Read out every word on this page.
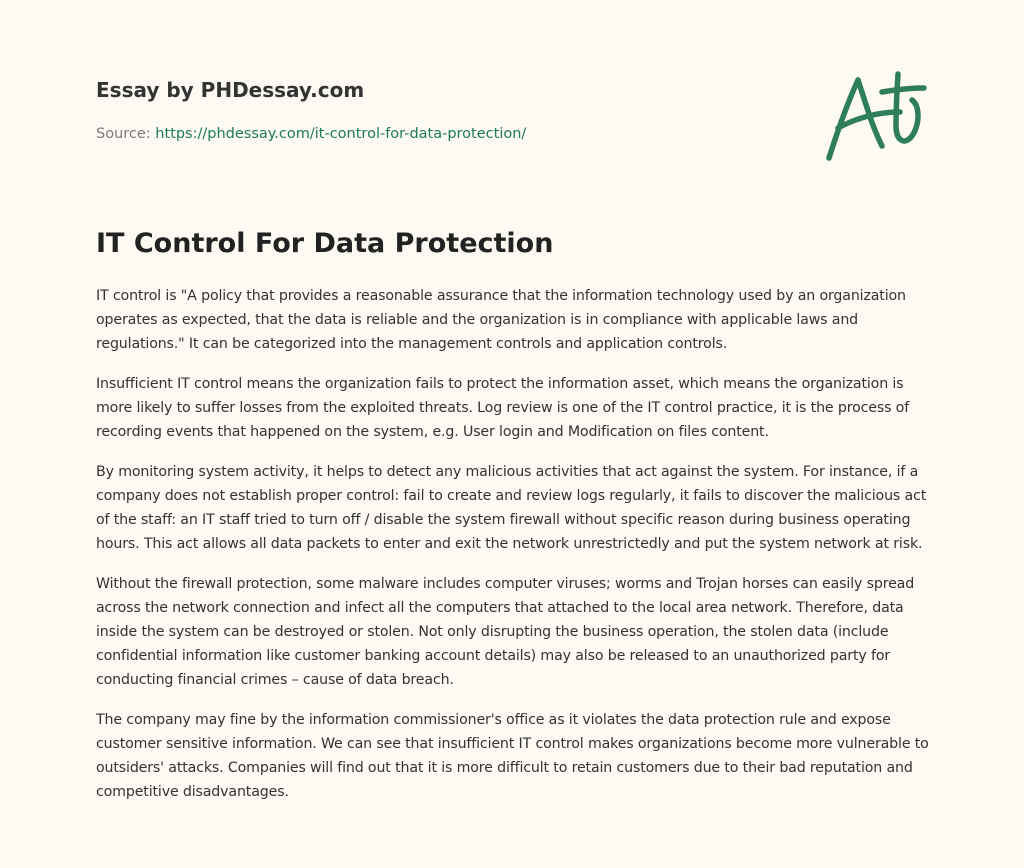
Essay by PHDessay.com
Source: https://phdessay.com/it-control-for-data-protection/
IT Control For Data Protection

IT control is "A policy that provides a reasonable assurance that the information technology used by an organization operates as expected, that the data is reliable and the organization is in compliance with applicable laws and regulations." It can be categorized into the management controls and application controls.

Insufficient IT control means the organization fails to protect the information asset, which means the organization is more likely to suffer losses from the exploited threats. Log review is one of the IT control practice, it is the process of recording events that happened on the system, e.g. User login and Modification on files content.

By monitoring system activity, it helps to detect any malicious activities that act against the system. For instance, if a company does not establish proper control: fail to create and review logs regularly, it fails to discover the malicious act of the staff: an IT staff tried to turn off / disable the system firewall without specific reason during business operating hours. This act allows all data packets to enter and exit the network unrestrictedly and put the system network at risk.

Without the firewall protection, some malware includes computer viruses; worms and Trojan horses can easily spread across the network connection and infect all the computers that attached to the local area network. Therefore, data inside the system can be destroyed or stolen. Not only disrupting the business operation, the stolen data (include confidential information like customer banking account details) may also be released to an unauthorized party for conducting financial crimes – cause of data breach.

The company may fine by the information commissioner's office as it violates the data protection rule and expose customer sensitive information. We can see that insufficient IT control makes organizations become more vulnerable to outsiders' attacks. Companies will find out that it is more difficult to retain customers due to their bad reputation and competitive disadvantages.
